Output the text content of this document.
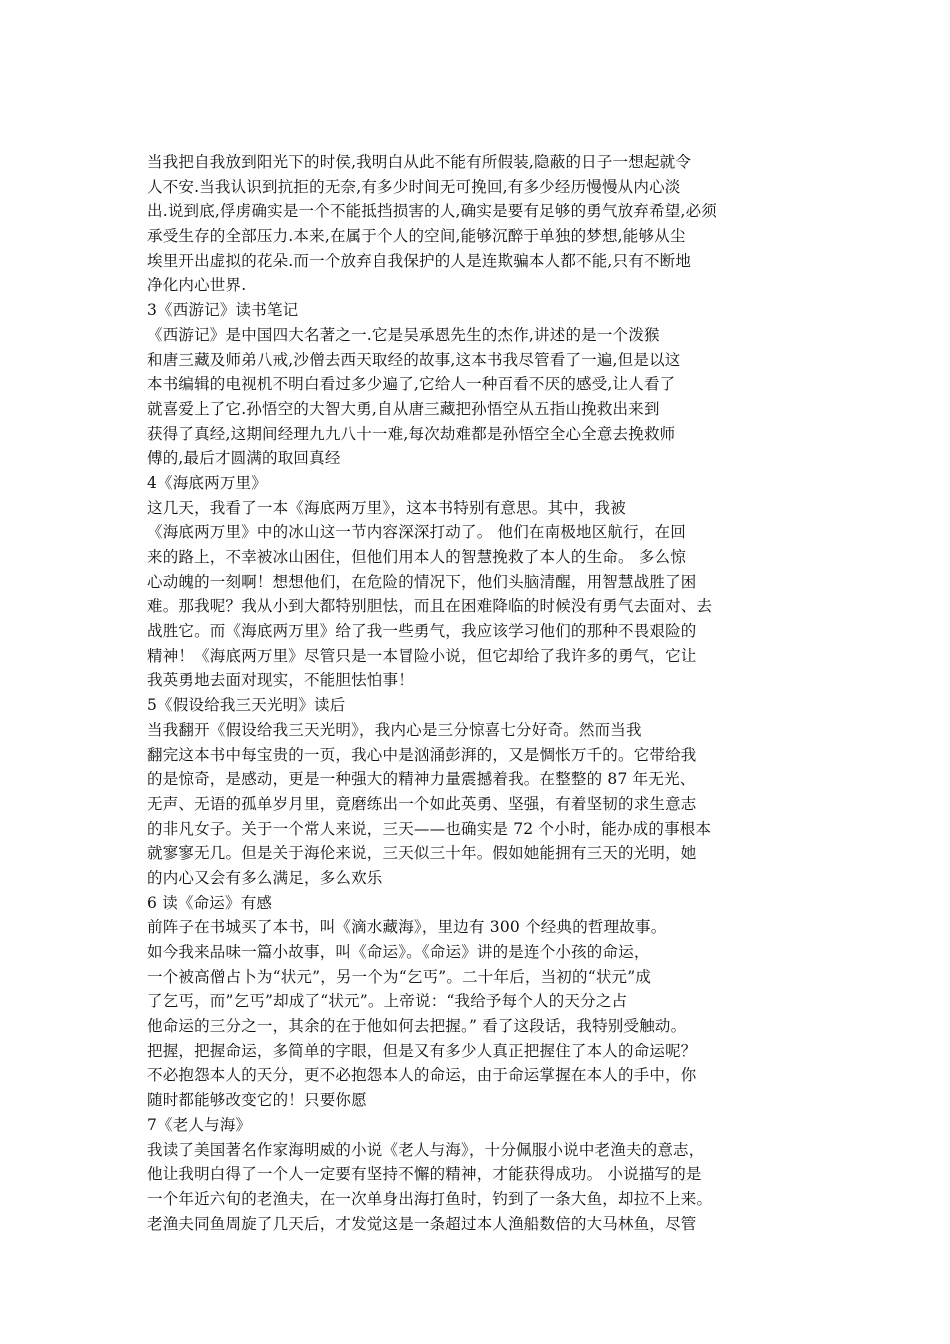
当我把自我放到阳光下的时侯,我明白从此不能有所假装,隐蔽的日子一想起就令
人不安.当我认识到抗拒的无奈,有多少时间无可挽回,有多少经历慢慢从内心淡
出.说到底,俘虏确实是一个不能抵挡损害的人,确实是要有足够的勇气放弃希望,必须
承受生存的全部压力.本来,在属于个人的空间,能够沉醉于单独的梦想,能够从尘
埃里开出虚拟的花朵.而一个放弃自我保护的人是连欺骗本人都不能,只有不断地
净化内心世界.
3《西游记》读书笔记
《西游记》是中国四大名著之一.它是吴承恩先生的杰作,讲述的是一个泼猴
和唐三藏及师弟八戒,沙僧去西天取经的故事,这本书我尽管看了一遍,但是以这
本书编辑的电视机不明白看过多少遍了,它给人一种百看不厌的感受,让人看了
就喜爱上了它.孙悟空的大智大勇,自从唐三藏把孙悟空从五指山挽救出来到
获得了真经,这期间经理九九八十一难,每次劫难都是孙悟空全心全意去挽救师
傅的,最后才圆满的取回真经
4《海底两万里》
这几天，我看了一本《海底两万里》，这本书特别有意思。其中，我被
《海底两万里》中的冰山这一节内容深深打动了。 他们在南极地区航行，在回
来的路上，不幸被冰山困住，但他们用本人的智慧挽救了本人的生命。 多么惊
心动魄的一刻啊！想想他们，在危险的情况下，他们头脑清醒，用智慧战胜了困
难。那我呢？我从小到大都特别胆怯，而且在困难降临的时候没有勇气去面对、去
战胜它。而《海底两万里》给了我一些勇气，我应该学习他们的那种不畏艰险的
精神！《海底两万里》尽管只是一本冒险小说，但它却给了我许多的勇气，它让
我英勇地去面对现实，不能胆怯怕事！
5《假设给我三天光明》读后
当我翻开《假设给我三天光明》，我内心是三分惊喜七分好奇。然而当我
翻完这本书中每宝贵的一页，我心中是汹涌彭湃的，又是惆怅万千的。它带给我
的是惊奇，是感动，更是一种强大的精神力量震撼着我。在整整的 87 年无光、
无声、无语的孤单岁月里，竟磨练出一个如此英勇、坚强，有着坚韧的求生意志
的非凡女子。关于一个常人来说，三天——也确实是 72 个小时，能办成的事根本
就寥寥无几。但是关于海伦来说，三天似三十年。假如她能拥有三天的光明，她
的内心又会有多么满足，多么欢乐
6 读《命运》有感
前阵子在书城买了本书，叫《滴水藏海》，里边有 300 个经典的哲理故事。
如今我来品味一篇小故事，叫《命运》。《命运》讲的是连个小孩的命运，
一个被高僧占卜为“状元”，另一个为“乞丐”。二十年后，当初的“状元”成
了乞丐，而”乞丐”却成了“状元”。上帝说：“我给予每个人的天分之占
他命运的三分之一，其余的在于他如何去把握。” 看了这段话，我特别受触动。
把握，把握命运，多简单的字眼，但是又有多少人真正把握住了本人的命运呢？
不必抱怨本人的天分，更不必抱怨本人的命运，由于命运掌握在本人的手中，你
随时都能够改变它的！只要你愿
7《老人与海》
我读了美国著名作家海明威的小说《老人与海》，十分佩服小说中老渔夫的意志，
他让我明白得了一个人一定要有坚持不懈的精神，才能获得成功。 小说描写的是
一个年近六旬的老渔夫，在一次单身出海打鱼时，钓到了一条大鱼，却拉不上来。
老渔夫同鱼周旋了几天后，才发觉这是一条超过本人渔船数倍的大马林鱼，尽管
